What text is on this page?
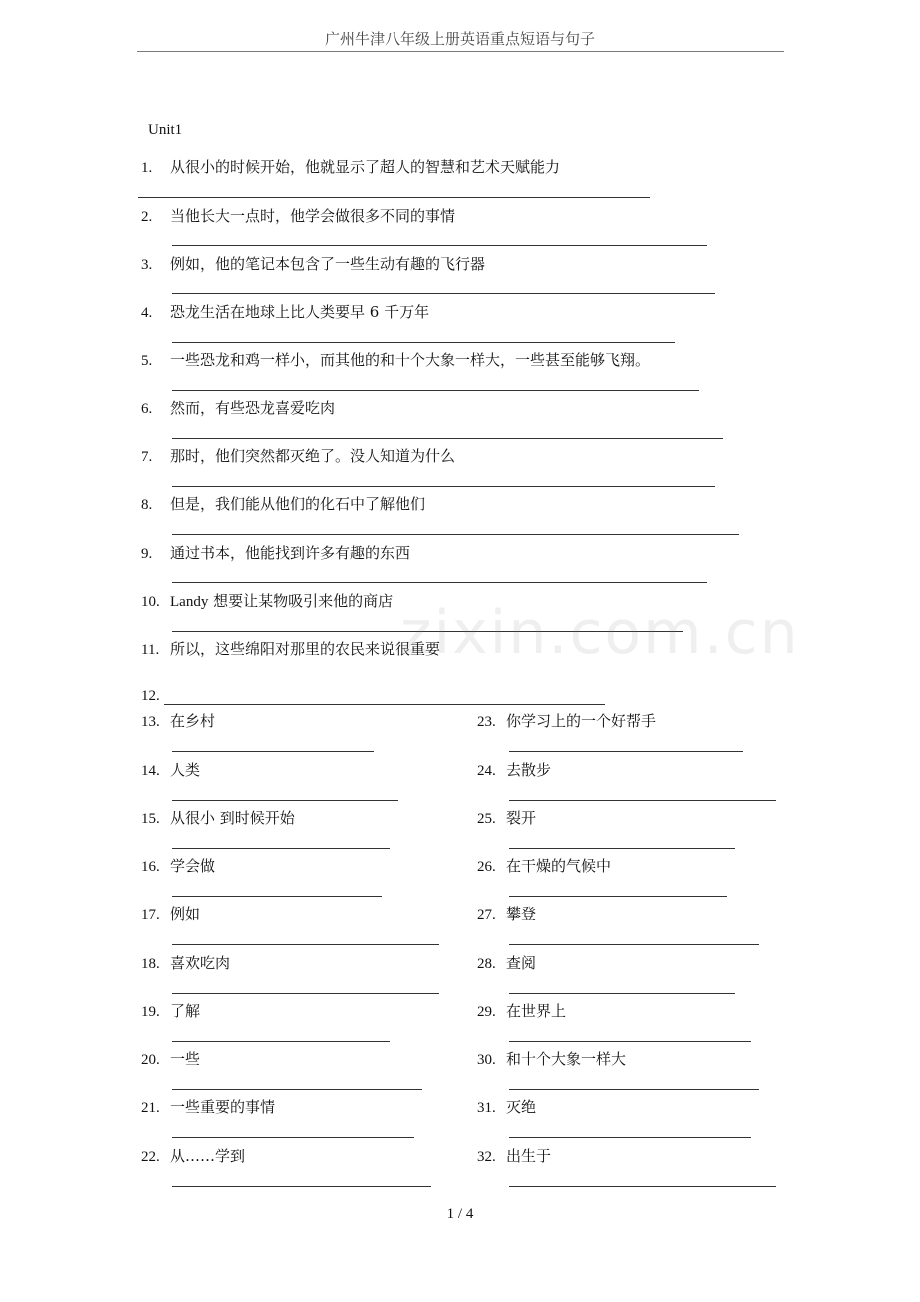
广州牛津八年级上册英语重点短语与句子
Unit1
1. 从很小的时候开始，他就显示了超人的智慧和艺术天赋能力
2. 当他长大一点时，他学会做很多不同的事情
3. 例如，他的笔记本包含了一些生动有趣的飞行器
4. 恐龙生活在地球上比人类要早 6 千万年
5. 一些恐龙和鸡一样小，而其他的和十个大象一样大，一些甚至能够飞翔。
6. 然而，有些恐龙喜爱吃肉
7. 那时，他们突然都灭绝了。没人知道为什么
8. 但是，我们能从他们的化石中了解他们
9. 通过书本，他能找到许多有趣的东西
10. Landy 想要让某物吸引来他的商店
11. 所以，这些绵阳对那里的农民来说很重要
12.
13. 在乡村
14. 人类
15. 从很小 到时候开始
16. 学会做
17. 例如
18. 喜欢吃肉
19. 了解
20. 一些
21. 一些重要的事情
22. 从……学到
23. 你学习上的一个好帮手
24. 去散步
25. 裂开
26. 在干燥的气候中
27. 攀登
28. 查阅
29. 在世界上
30. 和十个大象一样大
31. 灭绝
32. 出生于
zixin.com.cn
1 / 4
